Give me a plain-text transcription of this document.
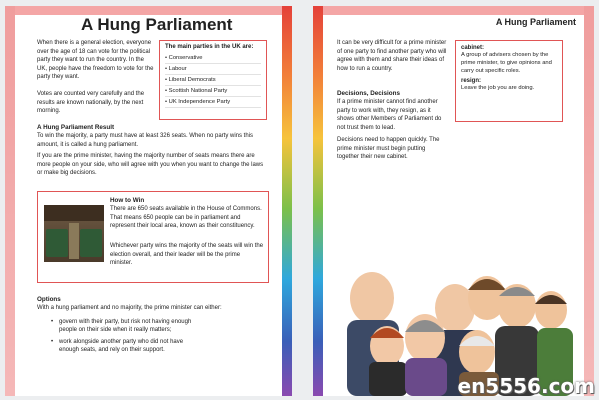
A Hung Parliament
When there is a general election, everyone over the age of 18 can vote for the political party they want to run the country. In the UK, people have the freedom to vote for the party they want.
Votes are counted very carefully and the results are known nationally, by the next morning.
The main parties in the UK are:
• Conservative
• Labour
• Liberal Democrats
• Scottish National Party
• UK Independence Party
A Hung Parliament Result
To win the majority, a party must have at least 326 seats. When no party wins this amount, it is called a hung parliament.
If you are the prime minister, having the majority number of seats means there are more people on your side, who will agree with you when you want to change the laws or make big decisions.
How to Win
There are 650 seats available in the House of Commons. That means 650 people can be in parliament and represent their local area, known as their constituency.
Whichever party wins the majority of the seats will win the election overall, and their leader will be the prime minister.
Options
With a hung parliament and no majority, the prime minister can either:
• govern with their party, but risk not having enough people on their side when it really matters;
• work alongside another party who did not have enough seats, and rely on their support.
A Hung Parliament
It can be very difficult for a prime minister of one party to find another party who will agree with them and share their ideas of how to run a country.
Decisions, Decisions
If a prime minister cannot find another party to work with, they resign, as it shows other Members of Parliament do not trust them to lead.
Decisions need to happen quickly. The prime minister must begin putting together their new cabinet.
cabinet:
A group of advisers chosen by the prime minister, to give opinions and carry out specific roles.
resign:
Leave the job you are doing.
en5556.com
